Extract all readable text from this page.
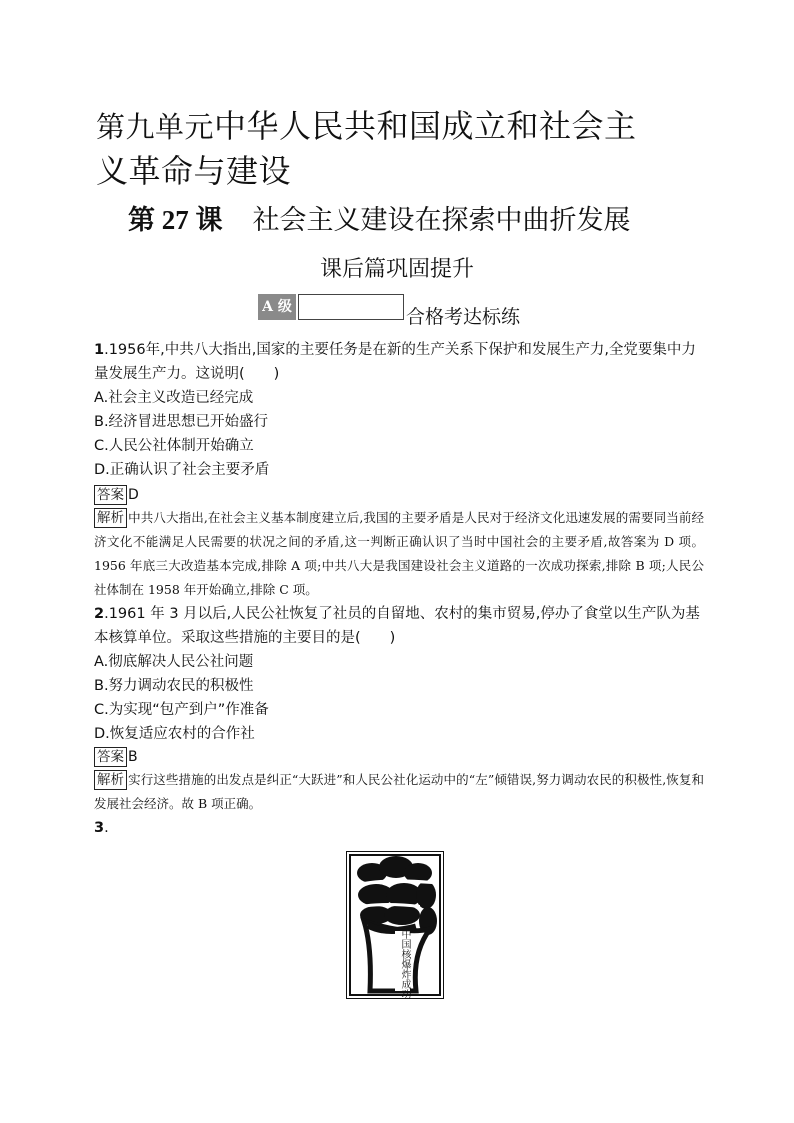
第九单元中华人民共和国成立和社会主
义革命与建设
第 27 课 社会主义建设在探索中曲折发展
课后篇巩固提升
A 级	合格考达标练
1.1956年,中共八大指出,国家的主要任务是在新的生产关系下保护和发展生产力,全党要集中力量发展生产力。这说明(　　)
A.社会主义改造已经完成
B.经济冒进思想已开始盛行
C.人民公社体制开始确立
D.正确认识了社会主要矛盾
答案 D
解析 中共八大指出,在社会主义基本制度建立后,我国的主要矛盾是人民对于经济文化迅速发展的需要同当前经济文化不能满足人民需要的状况之间的矛盾,这一判断正确认识了当时中国社会的主要矛盾,故答案为 D 项。1956 年底三大改造基本完成,排除 A 项;中共八大是我国建设社会主义道路的一次成功探索,排除 B 项;人民公社体制在 1958 年开始确立,排除 C 项。
2.1961 年 3 月以后,人民公社恢复了社员的自留地、农村的集市贸易,停办了食堂以生产队为基本核算单位。采取这些措施的主要目的是(　　)
A.彻底解决人民公社问题
B.努力调动农民的积极性
C.为实现“包产到户”作准备
D.恢复适应农村的合作社
答案 B
解析 实行这些措施的出发点是纠正“大跃进”和人民公社化运动中的“左”倾错误,努力调动农民的积极性,恢复和发展社会经济。故 B 项正确。
3.
中国核爆炸成功
